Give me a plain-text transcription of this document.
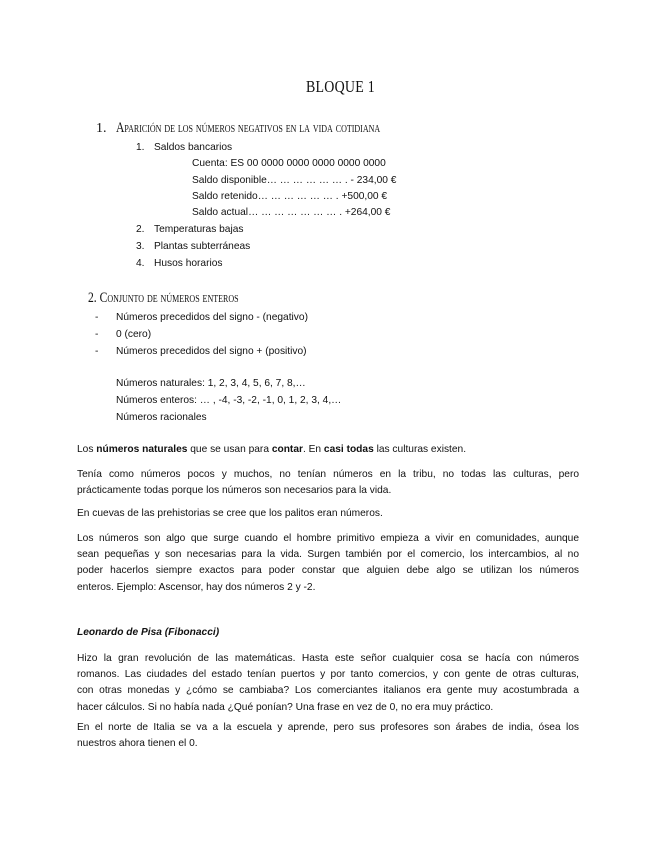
BLOQUE 1
1. Aparición de los números negativos en la vida cotidiana
1. Saldos bancarios
Cuenta: ES 00 0000 0000 0000 0000 0000
Saldo disponible… … … … … … . - 234,00 €
Saldo retenido… … … … … … . +500,00 €
Saldo actual… … … … … … … . +264,00 €
2. Temperaturas bajas
3. Plantas subterráneas
4. Husos horarios
2. Conjunto de números enteros
- Números precedidos del signo - (negativo)
- 0 (cero)
- Números precedidos del signo + (positivo)
Números naturales: 1, 2, 3, 4, 5, 6, 7, 8,…
Números enteros: … , -4, -3, -2, -1, 0, 1, 2, 3, 4,…
Números racionales
Los números naturales que se usan para contar. En casi todas las culturas existen.
Tenía como números pocos y muchos, no tenían números en la tribu, no todas las culturas, pero
prácticamente todas porque los números son necesarios para la vida.
En cuevas de las prehistorias se cree que los palitos eran números.
Los números son algo que surge cuando el hombre primitivo empieza a vivir en comunidades, aunque
sean pequeñas y son necesarias para la vida. Surgen también por el comercio, los intercambios, al no
poder hacerlos siempre exactos para poder constar que alguien debe algo se utilizan los números
enteros. Ejemplo: Ascensor, hay dos números 2 y -2.
Leonardo de Pisa (Fibonacci)
Hizo la gran revolución de las matemáticas. Hasta este señor cualquier cosa se hacía con números
romanos. Las ciudades del estado tenían puertos y por tanto comercios, y con gente de otras culturas,
con otras monedas y ¿cómo se cambiaba? Los comerciantes italianos era gente muy acostumbrada a
hacer cálculos. Si no había nada ¿Qué ponían? Una frase en vez de 0, no era muy práctico.
En el norte de Italia se va a la escuela y aprende, pero sus profesores son árabes de india, ósea los
nuestros ahora tienen el 0.
